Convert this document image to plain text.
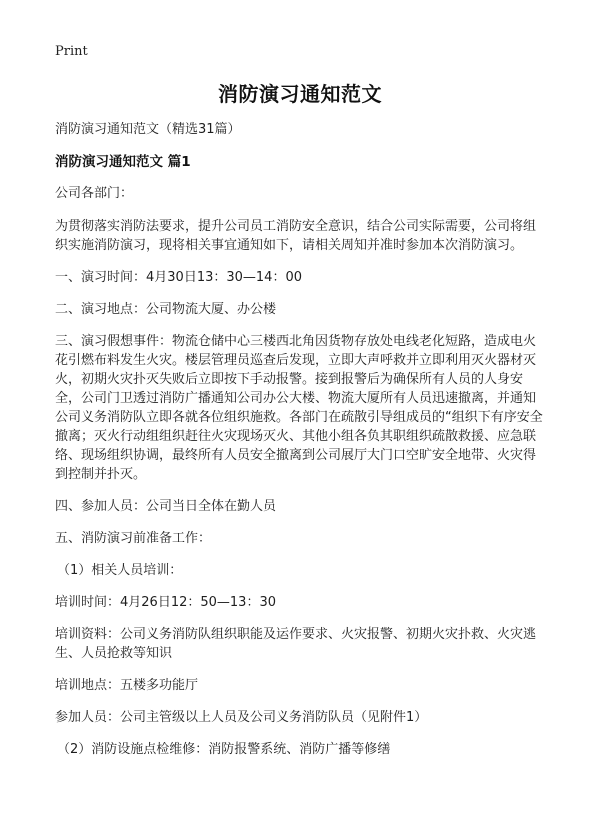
Print
消防演习通知范文

消防演习通知范文（精选31篇）

消防演习通知范文 篇1

公司各部门：

为贯彻落实消防法要求，提升公司员工消防安全意识，结合公司实际需要，公司将组织实施消防演习，现将相关事宜通知如下，请相关周知并准时参加本次消防演习。

一、演习时间：4月30日13：30—14：00

二、演习地点：公司物流大厦、办公楼

三、演习假想事件：物流仓储中心三楼西北角因货物存放处电线老化短路，造成电火花引燃布料发生火灾。楼层管理员巡查后发现，立即大声呼救并立即利用灭火器材灭火，初期火灾扑灭失败后立即按下手动报警。接到报警后为确保所有人员的人身安全，公司门卫透过消防广播通知公司办公大楼、物流大厦所有人员迅速撤离，并通知公司义务消防队立即各就各位组织施救。各部门在疏散引导组成员的“组织下有序安全撤离；灭火行动组组织赶往火灾现场灭火、其他小组各负其职组织疏散救援、应急联络、现场组织协调，最终所有人员安全撤离到公司展厅大门口空旷安全地带、火灾得到控制并扑灭。

四、参加人员：公司当日全体在勤人员

五、消防演习前准备工作：

（1）相关人员培训：

培训时间：4月26日12：50—13：30

培训资料：公司义务消防队组织职能及运作要求、火灾报警、初期火灾扑救、火灾逃生、人员抢救等知识

培训地点：五楼多功能厅

参加人员：公司主管级以上人员及公司义务消防队员（见附件1）

（2）消防设施点检维修：消防报警系统、消防广播等修缮
